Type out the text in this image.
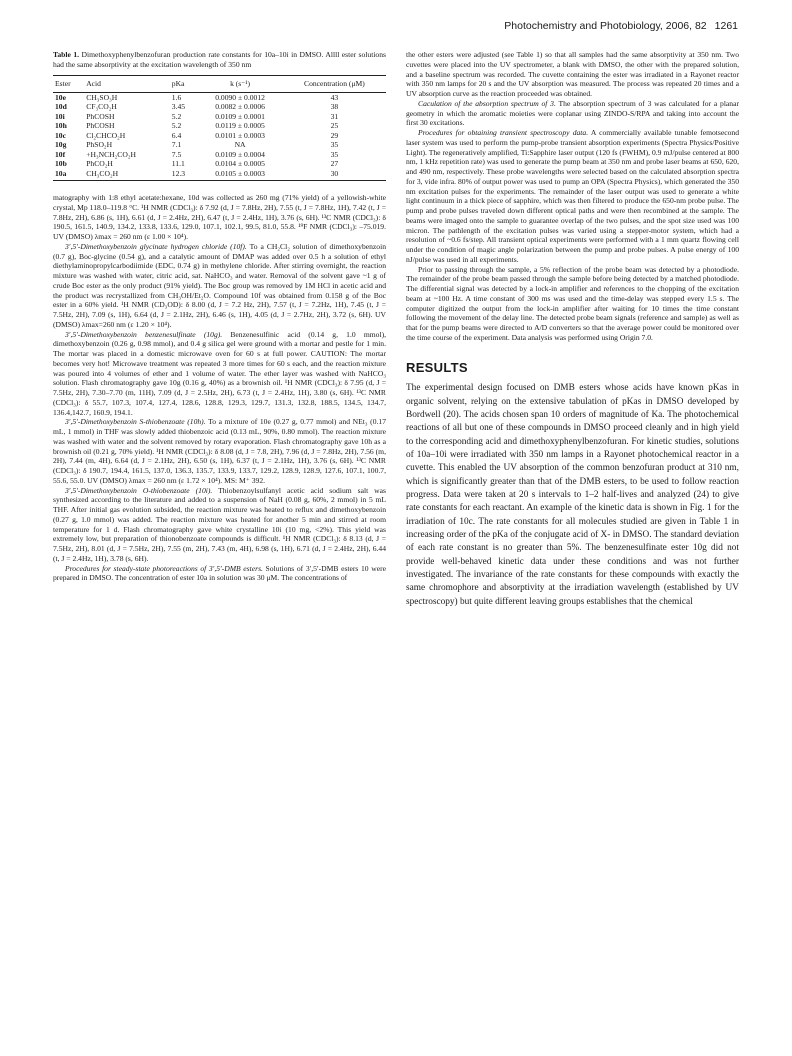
Photochemistry and Photobiology, 2006, 82 1261
Table 1. Dimethoxyphenylbenzofuran production rate constants for 10a–10i in DMSO. Allll ester solutions had the same absorptivity at the excitation wavelength of 350 nm
Ester	Acid	pKa	k (s⁻¹)	Concentration (μM)
10e	CH₃SO₃H	1.6	0.0090 ± 0.0012	43
10d	CF₃CO₂H	3.45	0.0082 ± 0.0006	38
10i	PhCOSH	5.2	0.0109 ± 0.0001	31
10h	PhCOSH	5.2	0.0119 ± 0.0005	25
10c	Cl₂CHCO₂H	6.4	0.0101 ± 0.0003	29
10g	PhSO₂H	7.1	NA	35
10f	+H₃NCH₂CO₂H	7.5	0.0109 ± 0.0004	35
10b	PhCO₂H	11.1	0.0104 ± 0.0005	27
10a	CH₃CO₂H	12.3	0.0105 ± 0.0003	30

matography with 1:8 ethyl acetate:hexane, 10d was collected as 260 mg (71% yield) of a yellowish-white crystal, Mp 118.0–119.8 °C. ¹H NMR (CDCl₃): δ 7.92 (d, J = 7.8Hz, 2H), 7.55 (t, J = 7.8Hz, 1H), 7.42 (t, J = 7.8Hz, 2H), 6.86 (s, 1H), 6.61 (d, J = 2.4Hz, 2H), 6.47 (t, J = 2.4Hz, 1H), 3.76 (s, 6H). ¹³C NMR (CDCl₃): δ 190.5, 161.5, 140.9, 134.2, 133.8, 133.6, 129.0, 107.1, 102.1, 99.5, 81.0, 55.8. ¹⁹F NMR (CDCl₃): –75.019. UV (DMSO) λmax = 260 nm (ε 1.00 × 10⁴).

3′,5′-Dimethoxybenzoin glycinate hydrogen chloride (10f). To a CH₂Cl₂ solution of dimethoxybenzoin (0.7 g), Boc-glycine (0.54 g), and a catalytic amount of DMAP was added over 0.5 h a solution of ethyl diethylaminopropylcarbodiimide (EDC, 0.74 g) in methylene chloride. After stirring overnight, the reaction mixture was washed with water, citric acid, sat. NaHCO₃ and water. Removal of the solvent gave ~1 g of crude Boc ester as the only product (91% yield). The Boc group was removed by 1M HCl in acetic acid and the product was recrystallized from CH₃OH/Et₂O. Compound 10f was obtained from 0.158 g of the Boc ester in a 60% yield. ¹H NMR (CD₃OD): δ 8.00 (d, J = 7.2 Hz, 2H), 7.57 (t, J = 7.2Hz, 1H), 7.45 (t, J = 7.5Hz, 2H), 7.09 (s, 1H), 6.64 (d, J = 2.1Hz, 2H), 6.46 (s, 1H), 4.05 (d, J = 2.7Hz, 2H), 3.72 (s, 6H). UV (DMSO) λmax=260 nm (ε 1.20 × 10⁴).

3′,5′-Dimethoxybenzoin benzenesulfinate (10g). Benzenesulfinic acid (0.14 g, 1.0 mmol), dimethoxybenzoin (0.26 g, 0.98 mmol), and 0.4 g silica gel were ground with a mortar and pestle for 1 min. The mortar was placed in a domestic microwave oven for 60 s at full power. CAUTION: The mortar becomes very hot! Microwave treatment was repeated 3 more times for 60 s each, and the reaction mixture was poured into 4 volumes of ether and 1 volume of water. The ether layer was washed with NaHCO₃ solution. Flash chromatography gave 10g (0.16 g, 40%) as a brownish oil. ¹H NMR (CDCl₃): δ 7.95 (d, J = 7.5Hz, 2H), 7.30–7.70 (m, 11H), 7.09 (d, J = 2.5Hz, 2H), 6.73 (t, J = 2.4Hz, 1H), 3.80 (s, 6H). ¹³C NMR (CDCl₃): δ 55.7, 107.3, 107.4, 127.4, 128.6, 128.8, 129.3, 129.7, 131.3, 132.8, 188.5, 134.5, 134.7, 136.4,142.7, 160.9, 194.1.

3′,5′-Dimethoxybenzoin S-thiobenzoate (10h). To a mixture of 10e (0.27 g, 0.77 mmol) and NEt₃ (0.17 mL, 1 mmol) in THF was slowly added thiobenzoic acid (0.13 mL, 90%, 0.80 mmol). The reaction mixture was washed with water and the solvent removed by rotary evaporation. Flash chromatography gave 10h as a brownish oil (0.21 g, 70% yield). ¹H NMR (CDCl₃): δ 8.08 (d, J = 7.8, 2H), 7.96 (d, J = 7.8Hz, 2H), 7.56 (m, 2H), 7.44 (m, 4H), 6.64 (d, J = 2.1Hz, 2H), 6.50 (s, 1H), 6.37 (t, J = 2.1Hz, 1H), 3.76 (s, 6H). ¹³C NMR (CDCl₃): δ 190.7, 194.4, 161.5, 137.0, 136.3, 135.7, 133.9, 133.7, 129.2, 128.9, 128.9, 127.6, 107.1, 100.7, 55.6, 55.0. UV (DMSO) λmax = 260 nm (ε 1.72 × 10⁴). MS: M⁺ 392.

3′,5′-Dimethoxybenzoin O-thiobenzoate (10i). Thiobenzoylsulfanyl acetic acid sodium salt was synthesized according to the literature and added to a suspension of NaH (0.08 g, 60%, 2 mmol) in 5 mL THF. After initial gas evolution subsided, the reaction mixture was heated to reflux and dimethoxybenzoin (0.27 g, 1.0 mmol) was added. The reaction mixture was heated for another 5 min and stirred at room temperature for 1 d. Flash chromatography gave white crystalline 10i (10 mg, <2%). This yield was extremely low, but preparation of thionobenzoate compounds is difficult. ¹H NMR (CDCl₃): δ 8.13 (d, J = 7.5Hz, 2H), 8.01 (d, J = 7.5Hz, 2H), 7.55 (m, 2H), 7.43 (m, 4H), 6.98 (s, 1H), 6.71 (d, J = 2.4Hz, 2H), 6.44 (t, J = 2.4Hz, 1H), 3.78 (s, 6H).

Procedures for steady-state photoreactions of 3′,5′-DMB esters. Solutions of 3′,5′-DMB esters 10 were prepared in DMSO. The concentration of ester 10a in solution was 30 μM. The concentrations of

the other esters were adjusted (see Table 1) so that all samples had the same absorptivity at 350 nm. Two cuvettes were placed into the UV spectrometer, a blank with DMSO, the other with the prepared solution, and a baseline spectrum was recorded. The cuvette containing the ester was irradiated in a Rayonet reactor with 350 nm lamps for 20 s and the UV absorption was measured. The process was repeated 20 times and a UV absorption curve as the reaction proceeded was obtained.

Caculation of the absorption spectrum of 3. The absorption spectrum of 3 was calculated for a planar geometry in which the aromatic moieties were coplanar using ZINDO-S/RPA and taking into account the first 30 excitations.

Procedures for obtaining transient spectroscopy data. A commercially available tunable femotsecond laser system was used to perform the pump-probe transient absorption experiments (Spectra Physics/Positive Light). The regeneratively amplified, Ti:Sapphire laser output (120 fs (FWHM), 0.9 mJ/pulse centered at 800 nm, 1 kHz repetition rate) was used to generate the pump beam at 350 nm and probe laser beams at 650, 620, and 490 nm, respectively. These probe wavelengths were selected based on the calculated absorption spectra for 3, vide infra. 80% of output power was used to pump an OPA (Spectra Physics), which generated the 350 nm excitation pulses for the experiments. The remainder of the laser output was used to generate a white light continuum in a thick piece of sapphire, which was then filtered to produce the 650-nm probe pulse. The pump and probe pulses traveled down different optical paths and were then recombined at the sample. The beams were imaged onto the sample to guarantee overlap of the two pulses, and the spot size used was 100 micron. The pathlength of the excitation pulses was varied using a stepper-motor system, which had a resolution of ~0.6 fs/step. All transient optical experiments were performed with a 1 mm quartz flowing cell under the condition of magic angle polarization between the pump and probe pulses. A pulse energy of 100 nJ/pulse was used in all experiments.

Prior to passing through the sample, a 5% reflection of the probe beam was detected by a photodiode. The remainder of the probe beam passed through the sample before being detected by a matched photodiode. The differential signal was detected by a lock-in amplifier and references to the chopping of the excitation beam at ~100 Hz. A time constant of 300 ms was used and the time-delay was stepped every 1.5 s. The computer digitized the output from the lock-in amplifier after waiting for 10 times the time constant following the movement of the delay line. The detected probe beam signals (reference and sample) as well as that for the pump beams were directed to A/D converters so that the average power could be monitored over the time course of the experiment. Data analysis was performed using Origin 7.0.

RESULTS

The experimental design focused on DMB esters whose acids have known pKas in organic solvent, relying on the extensive tabulation of pKas in DMSO developed by Bordwell (20). The acids chosen span 10 orders of magnitude of Ka. The photochemical reactions of all but one of these compounds in DMSO proceed cleanly and in high yield to the corresponding acid and dimethoxyphenylbenzofuran. For kinetic studies, solutions of 10a–10i were irradiated with 350 nm lamps in a Rayonet photochemical reactor in a cuvette. This enabled the UV absorption of the common benzofuran product at 310 nm, which is significantly greater than that of the DMB esters, to be used to follow reaction progress. Data were taken at 20 s intervals to 1–2 half-lives and analyzed (24) to give rate constants for each reactant. An example of the kinetic data is shown in Fig. 1 for the irradiation of 10c. The rate constants for all molecules studied are given in Table 1 in increasing order of the pKa of the conjugate acid of X- in DMSO. The standard deviation of each rate constant is no greater than 5%. The benzenesulfinate ester 10g did not provide well-behaved kinetic data under these conditions and was not further investigated. The invariance of the rate constants for these compounds with exactly the same chromophore and absorptivity at the irradiation wavelength (established by UV spectroscopy) but quite different leaving groups establishes that the chemical
